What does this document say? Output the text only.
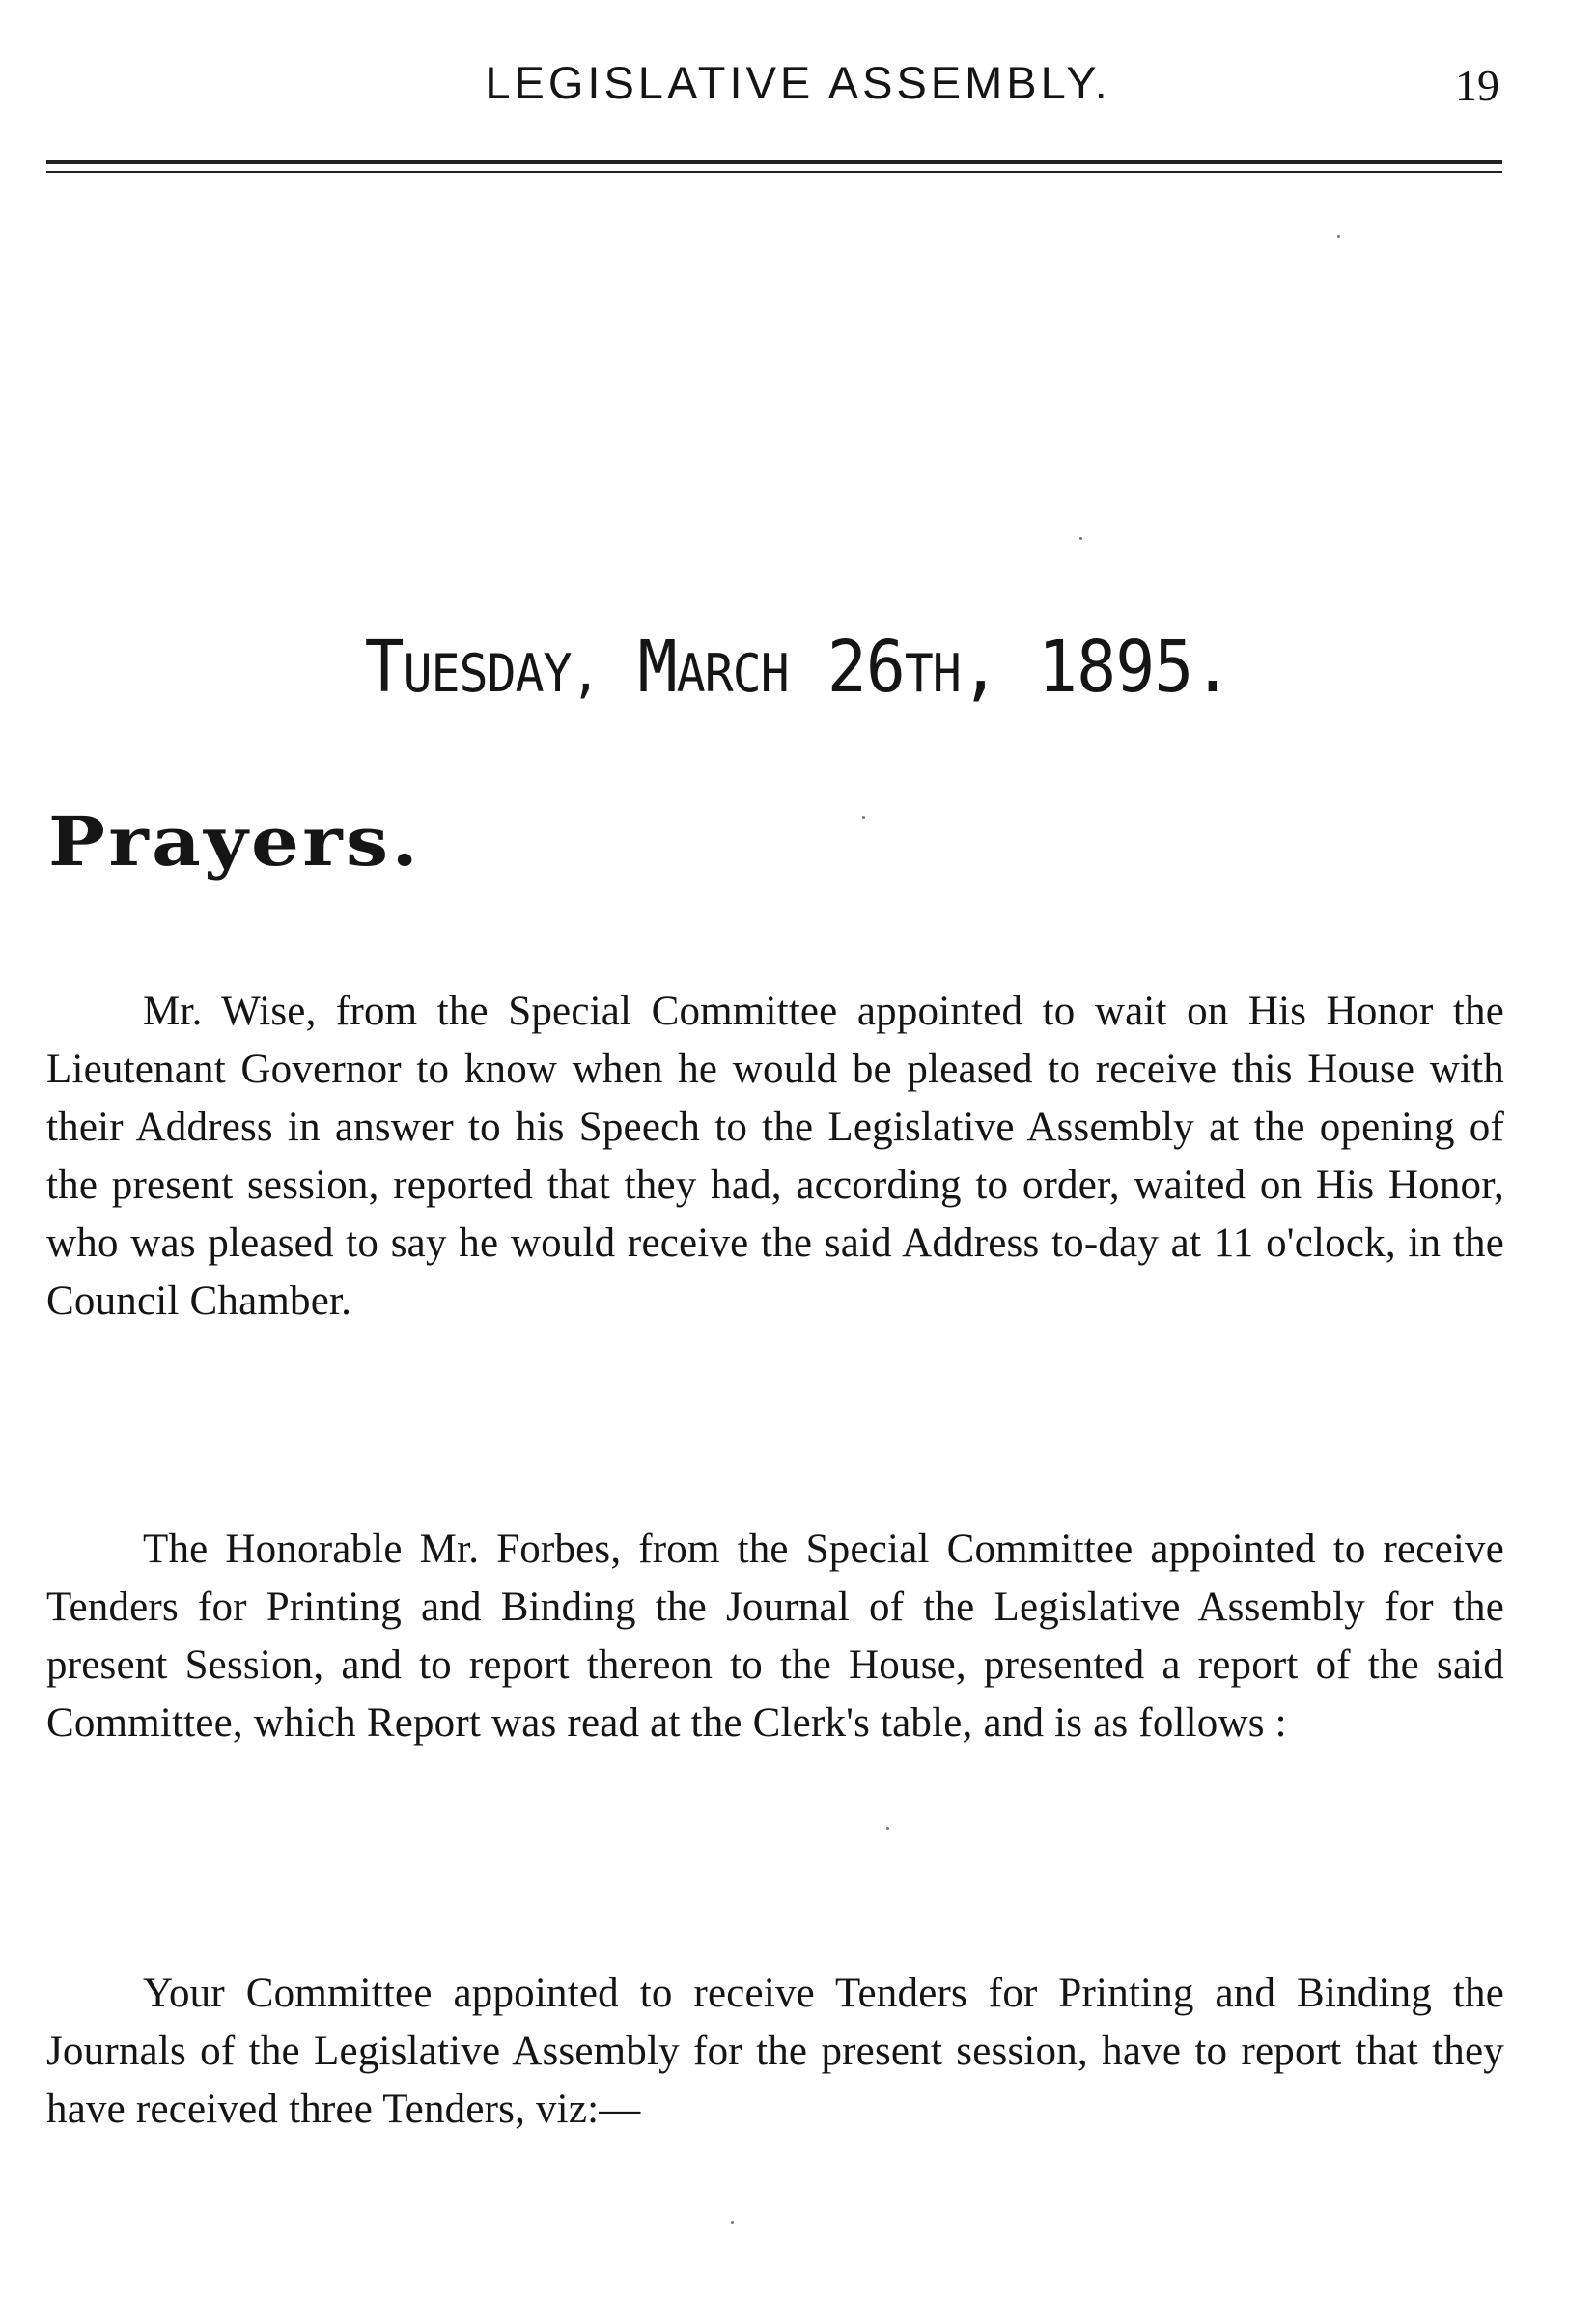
LEGISLATIVE ASSEMBLY.	19
TUESDAY, MARCH 26TH, 1895.
Prayers.

Mr. Wise, from the Special Committee appointed to wait on His Honor the Lieutenant Governor to know when he would be pleased to receive this House with their Address in answer to his Speech to the Legislative Assembly at the opening of the present session, reported that they had, according to order, waited on His Honor, who was pleased to say he would receive the said Address to-day at 11 o'clock, in the Council Chamber.

The Honorable Mr. Forbes, from the Special Committee appointed to receive Tenders for Printing and Binding the Journal of the Legislative Assembly for the present Session, and to report thereon to the House, presented a report of the said Committee, which Report was read at the Clerk's table, and is as follows :

Your Committee appointed to receive Tenders for Printing and Binding the Journals of the Legislative Assembly for the present session, have to report that they have received three Tenders, viz:—
